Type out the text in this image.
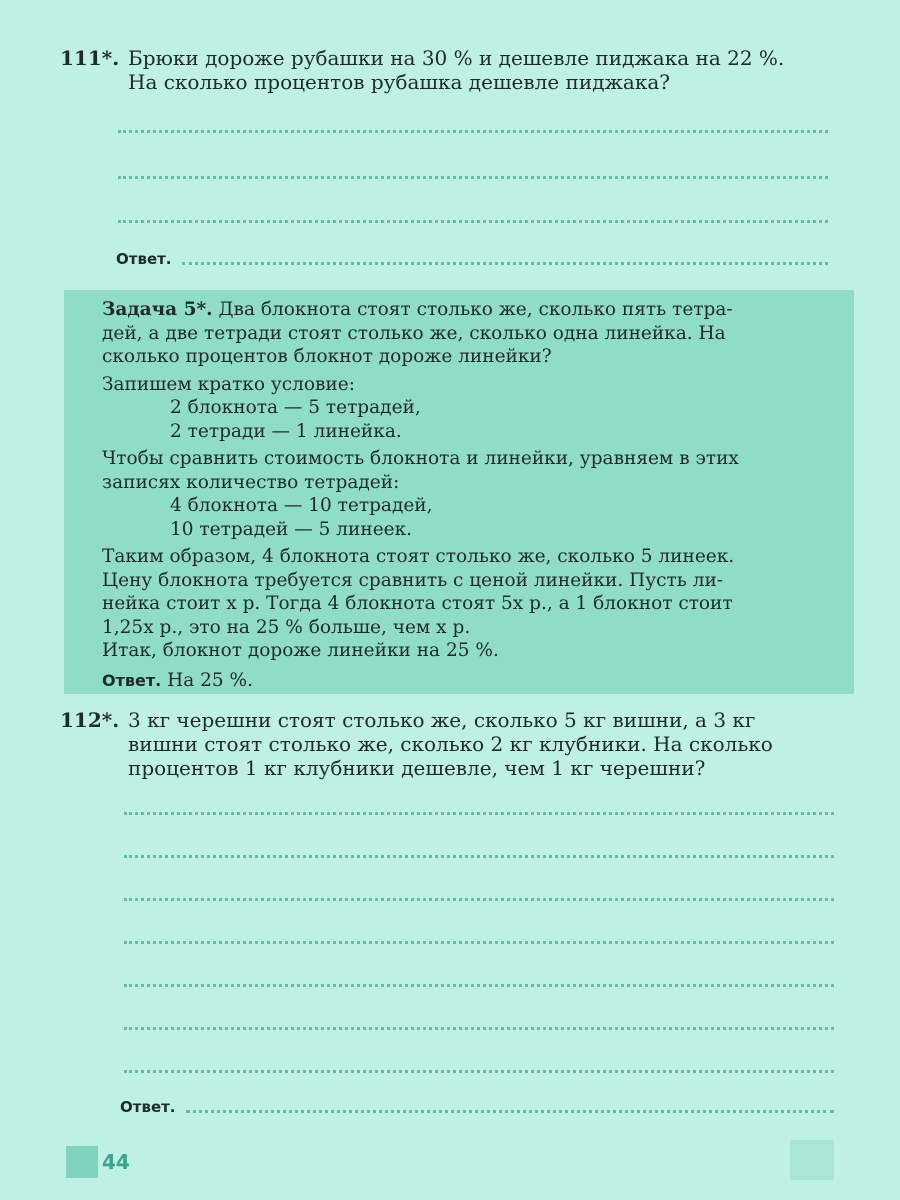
111*. Брюки дороже рубашки на 30 % и дешевле пиджака на 22 %.
На сколько процентов рубашка дешевле пиджака?
Ответ.
Задача 5*. Два блокнота стоят столько же, сколько пять тетра-
дей, а две тетради стоят столько же, сколько одна линейка. На
сколько процентов блокнот дороже линейки?
Запишем кратко условие:
2 блокнота — 5 тетрадей,
2 тетради — 1 линейка.
Чтобы сравнить стоимость блокнота и линейки, уравняем в этих
записях количество тетрадей:
4 блокнота — 10 тетрадей,
10 тетрадей — 5 линеек.
Таким образом, 4 блокнота стоят столько же, сколько 5 линеек.
Цену блокнота требуется сравнить с ценой линейки. Пусть ли-
нейка стоит x р. Тогда 4 блокнота стоят 5x р., а 1 блокнот стоит
1,25x р., это на 25 % больше, чем x р.
Итак, блокнот дороже линейки на 25 %.
Ответ. На 25 %.
112*. 3 кг черешни стоят столько же, сколько 5 кг вишни, а 3 кг
вишни стоят столько же, сколько 2 кг клубники. На сколько
процентов 1 кг клубники дешевле, чем 1 кг черешни?
Ответ.
44
